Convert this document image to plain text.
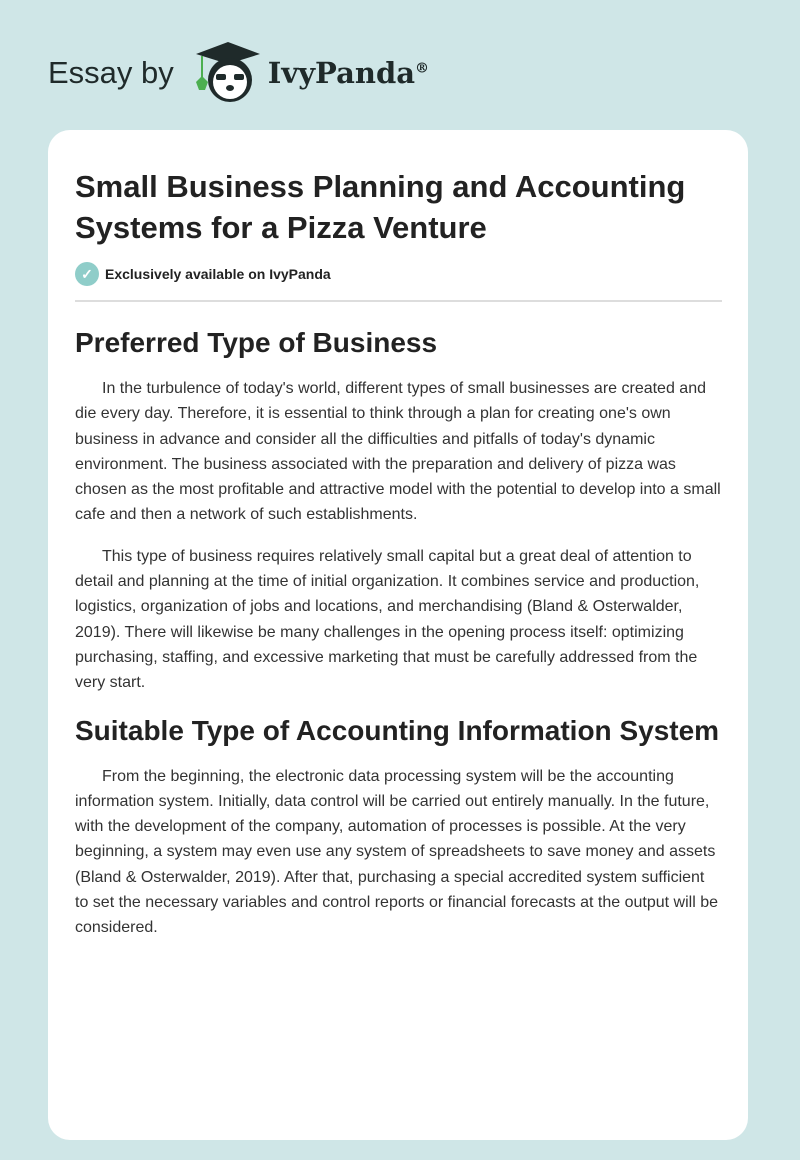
Essay by	IvyPanda®
Small Business Planning and Accounting Systems for a Pizza Venture
✓ Exclusively available on IvyPanda
Preferred Type of Business

In the turbulence of today's world, different types of small businesses are created and die every day. Therefore, it is essential to think through a plan for creating one's own business in advance and consider all the difficulties and pitfalls of today's dynamic environment. The business associated with the preparation and delivery of pizza was chosen as the most profitable and attractive model with the potential to develop into a small cafe and then a network of such establishments.

This type of business requires relatively small capital but a great deal of attention to detail and planning at the time of initial organization. It combines service and production, logistics, organization of jobs and locations, and merchandising (Bland & Osterwalder, 2019). There will likewise be many challenges in the opening process itself: optimizing purchasing, staffing, and excessive marketing that must be carefully addressed from the very start.

Suitable Type of Accounting Information System

From the beginning, the electronic data processing system will be the accounting information system. Initially, data control will be carried out entirely manually. In the future, with the development of the company, automation of processes is possible. At the very beginning, a system may even use any system of spreadsheets to save money and assets (Bland & Osterwalder, 2019). After that, purchasing a special accredited system sufficient to set the necessary variables and control reports or financial forecasts at the output will be considered.
